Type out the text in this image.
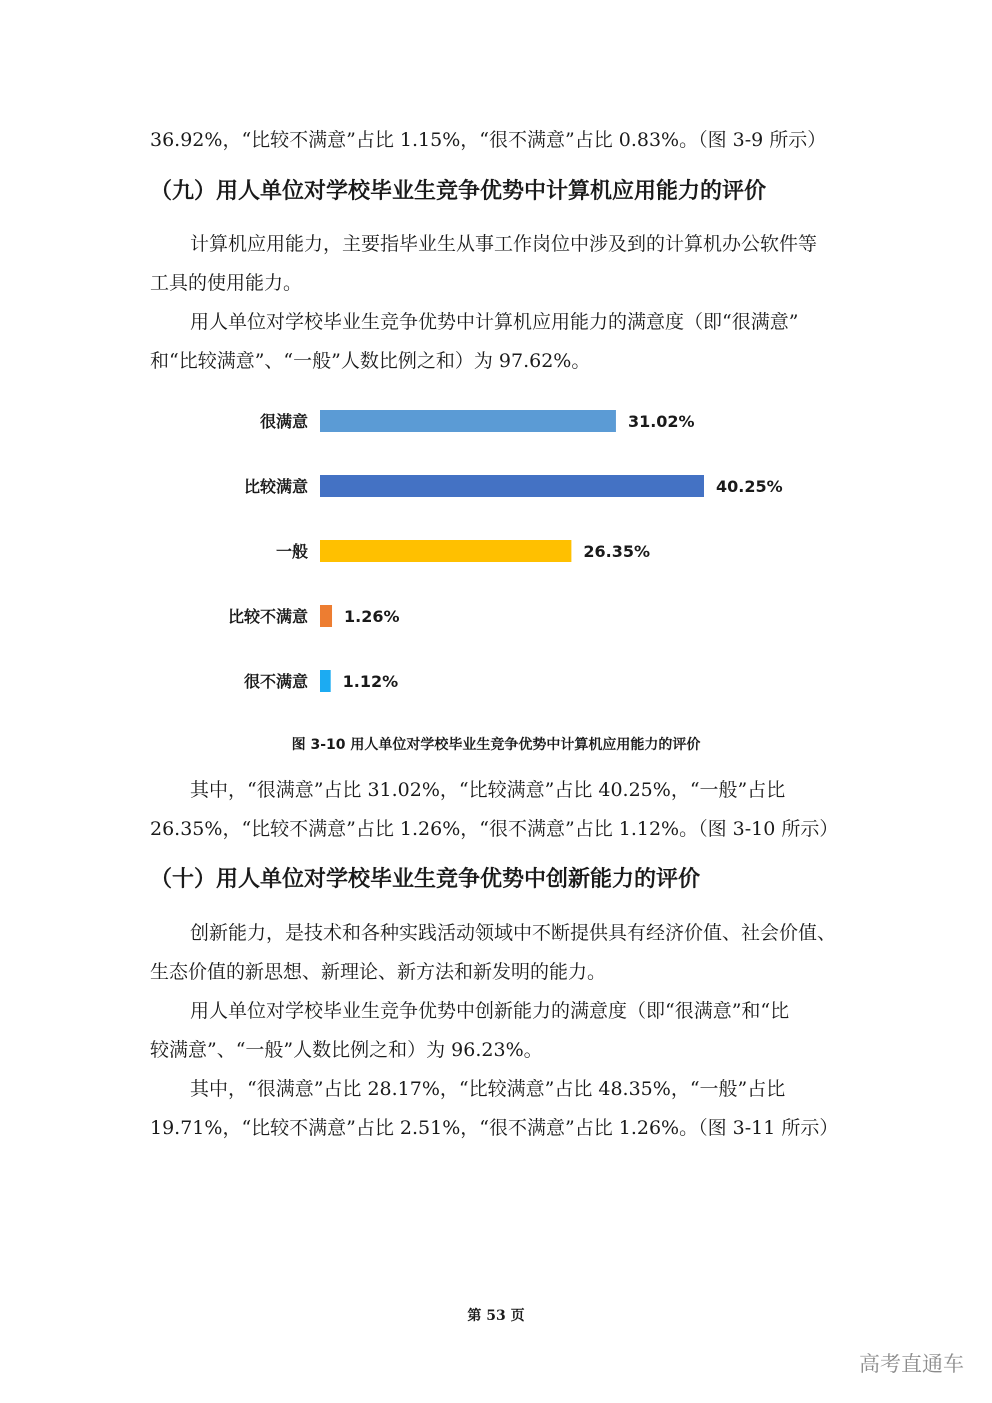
36.92%，“比较不满意”占比 1.15%，“很不满意”占比 0.83%。（图 3-9 所示）
（九）用人单位对学校毕业生竞争优势中计算机应用能力的评价
计算机应用能力，主要指毕业生从事工作岗位中涉及到的计算机办公软件等
工具的使用能力。
用人单位对学校毕业生竞争优势中计算机应用能力的满意度（即“很满意”
和“比较满意”、“一般”人数比例之和）为 97.62%。
很满意	31.02%
比较满意	40.25%
一般	26.35%
比较不满意 1.26%
很不满意 1.12%
图 3-10 用人单位对学校毕业生竞争优势中计算机应用能力的评价
其中，“很满意”占比 31.02%，“比较满意”占比 40.25%，“一般”占比
26.35%，“比较不满意”占比 1.26%，“很不满意”占比 1.12%。（图 3-10 所示）
（十）用人单位对学校毕业生竞争优势中创新能力的评价
创新能力，是技术和各种实践活动领域中不断提供具有经济价值、社会价值、
生态价值的新思想、新理论、新方法和新发明的能力。
用人单位对学校毕业生竞争优势中创新能力的满意度（即“很满意”和“比
较满意”、“一般”人数比例之和）为 96.23%。
其中，“很满意”占比 28.17%，“比较满意”占比 48.35%，“一般”占比
19.71%，“比较不满意”占比 2.51%，“很不满意”占比 1.26%。（图 3-11 所示）
第 53 页
高考直通车
